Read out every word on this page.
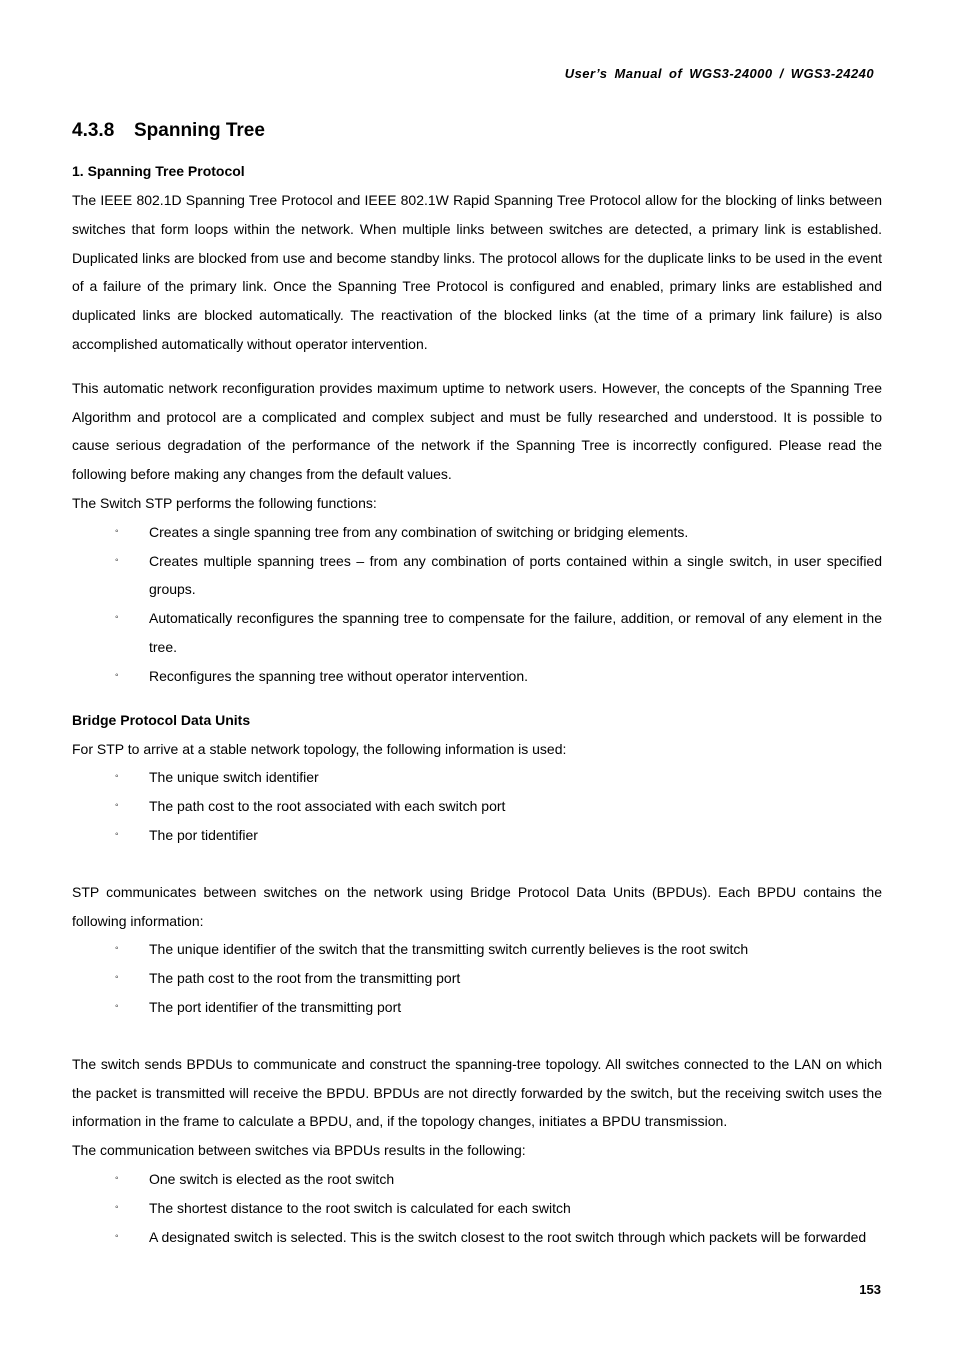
User’s Manual of WGS3-24000 / WGS3-24240
4.3.8 Spanning Tree
1. Spanning Tree Protocol

The IEEE 802.1D Spanning Tree Protocol and IEEE 802.1W Rapid Spanning Tree Protocol allow for the blocking of links between switches that form loops within the network. When multiple links between switches are detected, a primary link is established. Duplicated links are blocked from use and become standby links. The protocol allows for the duplicate links to be used in the event of a failure of the primary link. Once the Spanning Tree Protocol is configured and enabled, primary links are established and duplicated links are blocked automatically. The reactivation of the blocked links (at the time of a primary link failure) is also accomplished automatically without operator intervention.

This automatic network reconfiguration provides maximum uptime to network users. However, the concepts of the Spanning Tree Algorithm and protocol are a complicated and complex subject and must be fully researched and understood. It is possible to cause serious degradation of the performance of the network if the Spanning Tree is incorrectly configured. Please read the following before making any changes from the default values.

The Switch STP performs the following functions:

◦ Creates a single spanning tree from any combination of switching or bridging elements.
◦ Creates multiple spanning trees – from any combination of ports contained within a single switch, in user specified groups.
◦ Automatically reconfigures the spanning tree to compensate for the failure, addition, or removal of any element in the tree.
◦ Reconfigures the spanning tree without operator intervention.
Bridge Protocol Data Units

For STP to arrive at a stable network topology, the following information is used:

◦ The unique switch identifier
◦ The path cost to the root associated with each switch port
◦ The por tidentifier

STP communicates between switches on the network using Bridge Protocol Data Units (BPDUs). Each BPDU contains the following information:

◦ The unique identifier of the switch that the transmitting switch currently believes is the root switch
◦ The path cost to the root from the transmitting port
◦ The port identifier of the transmitting port

The switch sends BPDUs to communicate and construct the spanning-tree topology. All switches connected to the LAN on which the packet is transmitted will receive the BPDU. BPDUs are not directly forwarded by the switch, but the receiving switch uses the information in the frame to calculate a BPDU, and, if the topology changes, initiates a BPDU transmission.

The communication between switches via BPDUs results in the following:

◦ One switch is elected as the root switch
◦ The shortest distance to the root switch is calculated for each switch
◦ A designated switch is selected. This is the switch closest to the root switch through which packets will be forwarded
153
